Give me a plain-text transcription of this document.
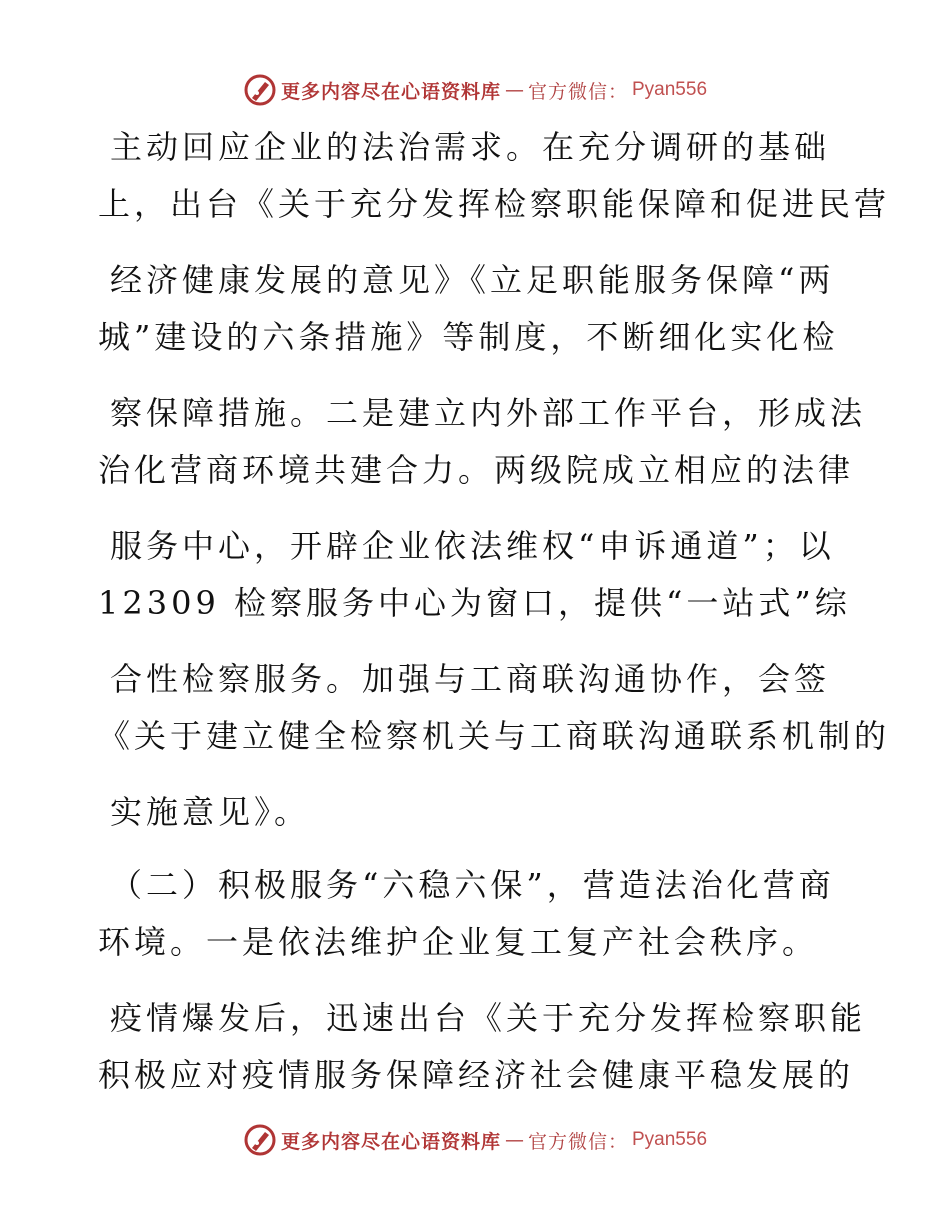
更多内容尽在心语资料库 — 官方微信： Pyan556
主动回应企业的法治需求。在充分调研的基础
上，出台《关于充分发挥检察职能保障和促进民营
经济健康发展的意见》《立足职能服务保障“两
城”建设的六条措施》等制度，不断细化实化检
察保障措施。二是建立内外部工作平台，形成法
治化营商环境共建合力。两级院成立相应的法律
服务中心，开辟企业依法维权“申诉通道”；以
12309 检察服务中心为窗口，提供“一站式”综
合性检察服务。加强与工商联沟通协作，会签
《关于建立健全检察机关与工商联沟通联系机制的
实施意见》。
（二）积极服务“六稳六保”，营造法治化营商
环境。一是依法维护企业复工复产社会秩序。
疫情爆发后，迅速出台《关于充分发挥检察职能
积极应对疫情服务保障经济社会健康平稳发展的
更多内容尽在心语资料库 — 官方微信： Pyan556
